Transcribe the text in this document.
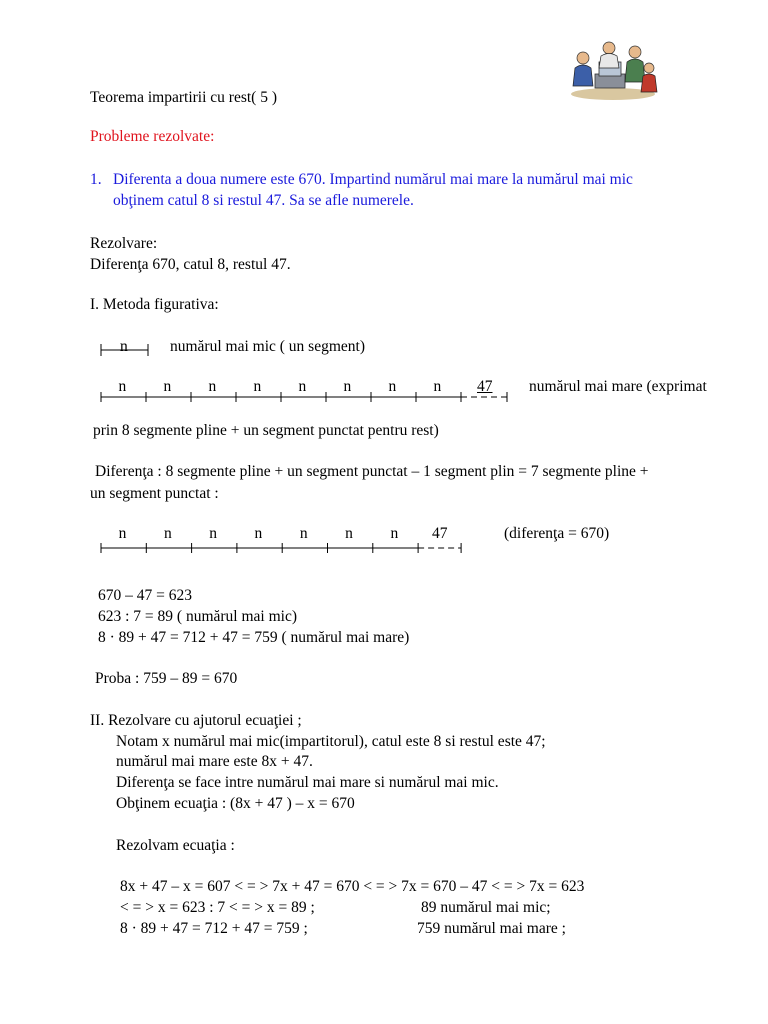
Teorema impartirii cu rest( 5 )
Probleme rezolvate:
1. Diferenta a doua numere este 670. Impartind numărul mai mare la numărul mai mic
obţinem catul 8 si restul 47. Sa se afle numerele.
Rezolvare:
Diferenţa 670, catul 8, restul 47.
I. Metoda figurativa:
n	numărul mai mic ( un segment)
n n n n n n n n 47 numărul mai mare (exprimat
prin 8 segmente pline + un segment punctat pentru rest)
Diferenţa : 8 segmente pline + un segment punctat – 1 segment plin = 7 segmente pline +
un segment punctat :
n n n n n n n 47	(diferenţa = 670)
670 – 47 = 623
623 : 7 = 89 ( numărul mai mic)
8 · 89 + 47 = 712 + 47 = 759 ( numărul mai mare)
Proba : 759 – 89 = 670
II. Rezolvare cu ajutorul ecuaţiei ;
Notam x numărul mai mic(impartitorul), catul este 8 si restul este 47;
numărul mai mare este 8x + 47.
Diferenţa se face intre numărul mai mare si numărul mai mic.
Obţinem ecuaţia : (8x + 47 ) – x = 670
Rezolvam ecuaţia :
8x + 47 – x = 607 < = > 7x + 47 = 670 < = > 7x = 670 – 47 < = > 7x = 623
< = > x = 623 : 7 < = > x = 89 ;	89 numărul mai mic;
8 · 89 + 47 = 712 + 47 = 759 ;	759 numărul mai mare ;
